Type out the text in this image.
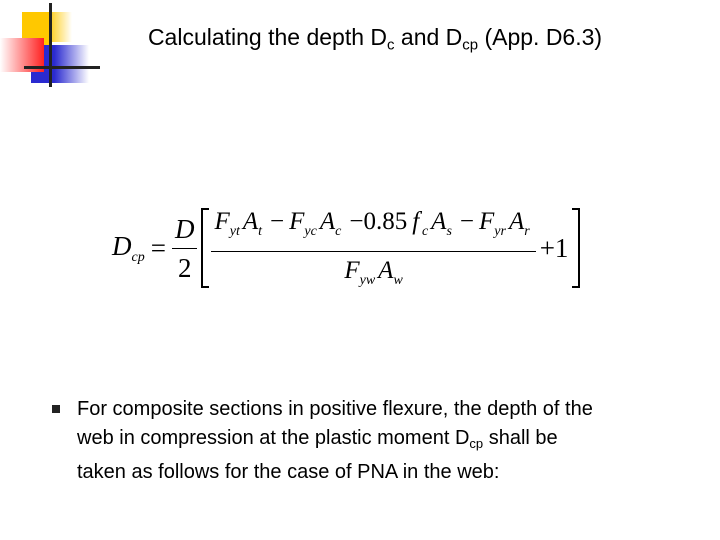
Calculating the depth $D_c$ and $D_{cp}$ (App. D6.3)
$D_{cp} = \frac{D}{2} \frac{F_{yt} A_t - F_{yc} A_c -0.85 f'_c A_s - F_{yr} A_r}{F_{yw} A_w} +1$
For composite sections in positive flexure, the depth of the
web in compression at the plastic moment $D_{cp}$ shall be
taken as follows for the case of PNA in the web:
